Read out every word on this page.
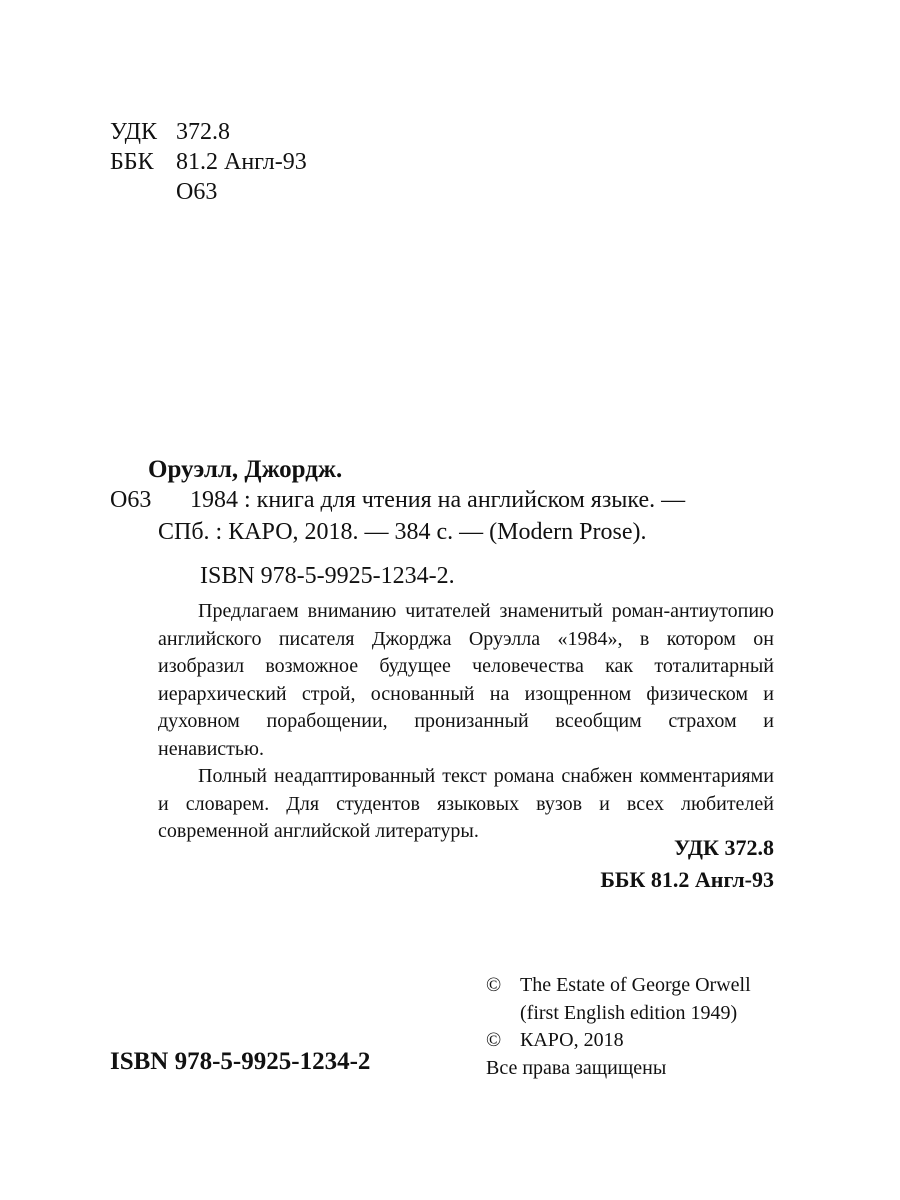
УДК 372.8
ББК 81.2 Англ-93
О63
Оруэлл, Джордж.
О63 1984 : книга для чтения на английском языке. —
СПб. : КАРО, 2018. — 384 с. — (Modern Prose).
ISBN 978-5-9925-1234-2.

Предлагаем вниманию читателей знаменитый роман-антиутопию английского писателя Джорджа Оруэлла «1984», в котором он изобразил возможное будущее человечества как тоталитарный иерархический строй, основанный на изощренном физическом и духовном порабощении, пронизанный всеобщим страхом и ненавистью.

Полный неадаптированный текст романа снабжен комментариями и словарем. Для студентов языковых вузов и всех любителей современной английской литературы.

УДК 372.8
ББК 81.2 Англ-93
© The Estate of George Orwell
(first English edition 1949)
© КАРО, 2018
Все права защищены
ISBN 978-5-9925-1234-2
